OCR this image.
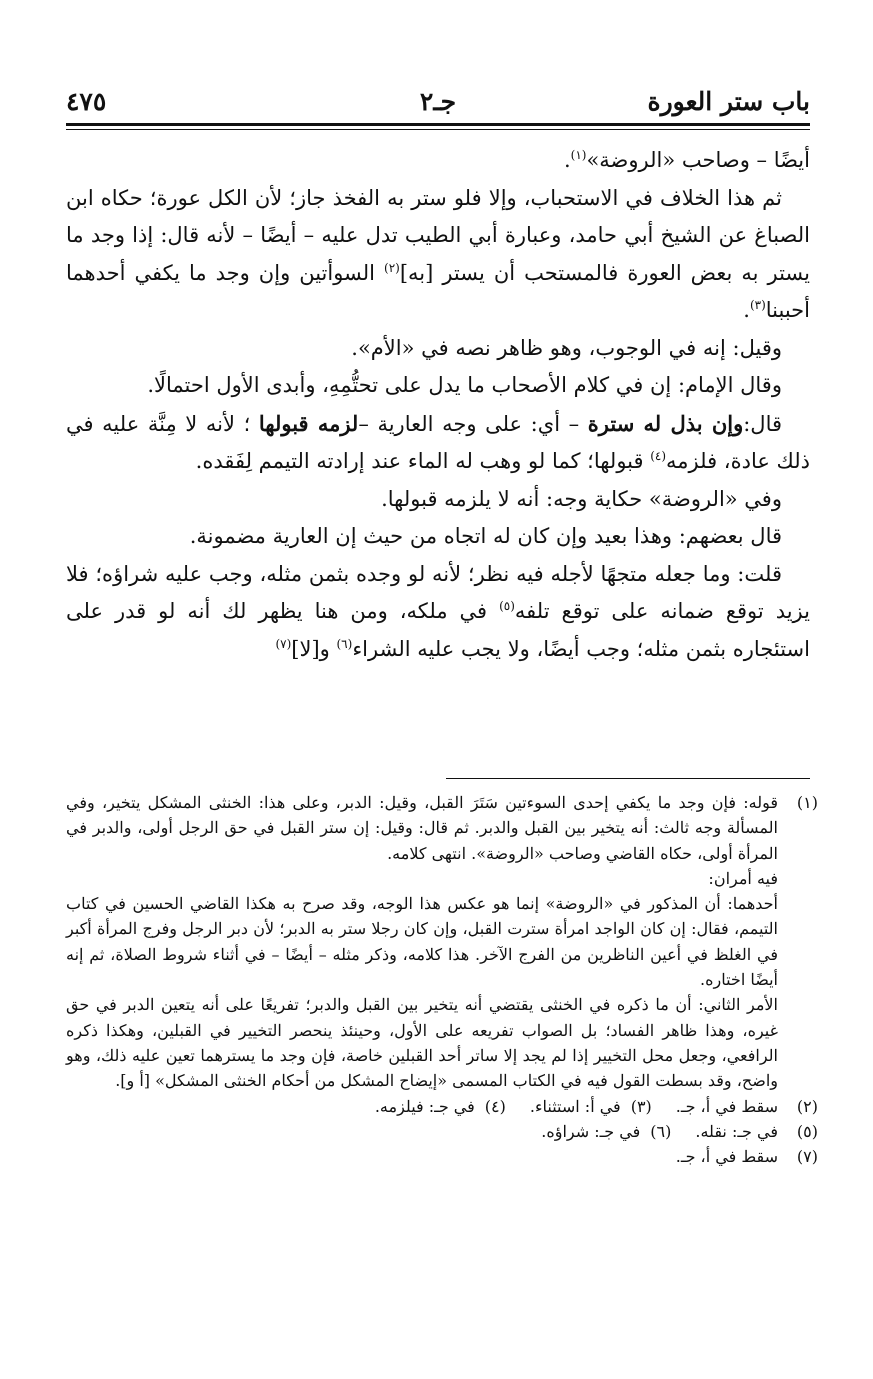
باب ستر العورة
جـ٢
٤٧٥

أيضًا – وصاحب «الروضة»$^{(١)}$.

ثم هذا الخلاف في الاستحباب، وإلا فلو ستر به الفخذ جاز؛ لأن الكل عورة؛ حكاه ابن الصباغ عن الشيخ أبي حامد، وعبارة أبي الطيب تدل عليه – أيضًا – لأنه قال: إذا وجد ما يستر به بعض العورة فالمستحب أن يستر [به]$^{(٢)}$ السوأتين وإن وجد ما يكفي أحدهما أحببنا$^{(٣)}$.

وقيل: إنه في الوجوب، وهو ظاهر نصه في «الأم».

وقال الإمام: إن في كلام الأصحاب ما يدل على تحتُّمِهِ، وأبدى الأول احتمالًا.

قال:وإن بذل له سترة – أي: على وجه العارية –لزمه قبولها ؛ لأنه لا مِنَّة عليه في ذلك عادة، فلزمه$^{(٤)}$ قبولها؛ كما لو وهب له الماء عند إرادته التيمم لِفَقده.

وفي «الروضة» حكاية وجه: أنه لا يلزمه قبولها.

قال بعضهم: وهذا بعيد وإن كان له اتجاه من حيث إن العارية مضمونة.

قلت: وما جعله متجهًا لأجله فيه نظر؛ لأنه لو وجده بثمن مثله، وجب عليه شراؤه؛ فلا يزيد توقع ضمانه على توقع تلفه$^{(٥)}$ في ملكه، ومن هنا يظهر لك أنه لو قدر على استئجاره بثمن مثله؛ وجب أيضًا، ولا يجب عليه الشراء$^{(٦)}$ و[لا]$^{(٧)}$

(١)

قوله: فإن وجد ما يكفي إحدى السوءتين سَتَرَ القبل، وقيل: الدبر، وعلى هذا: الخنثى المشكل يتخير، وفي المسألة وجه ثالث: أنه يتخير بين القبل والدبر. ثم قال: وقيل: إن ستر القبل في حق الرجل أولى، والدبر في المرأة أولى، حكاه القاضي وصاحب «الروضة». انتهى كلامه.

فيه أمران:

أحدهما: أن المذكور في «الروضة» إنما هو عكس هذا الوجه، وقد صرح به هكذا القاضي الحسين في كتاب التيمم، فقال: إن كان الواجد امرأة سترت القبل، وإن كان رجلا ستر به الدبر؛ لأن دبر الرجل وفرج المرأة أكبر في الغلظ في أعين الناظرين من الفرج الآخر. هذا كلامه، وذكر مثله – أيضًا – في أثناء شروط الصلاة، ثم إنه أيضًا اختاره.

الأمر الثاني: أن ما ذكره في الخنثى يقتضي أنه يتخير بين القبل والدبر؛ تفريعًا على أنه يتعين الدبر في حق غيره، وهذا ظاهر الفساد؛ بل الصواب تفريعه على الأول، وحينئذ ينحصر التخيير في القبلين، وهكذا ذكره الرافعي، وجعل محل التخيير إذا لم يجد إلا ساتر أحد القبلين خاصة، فإن وجد ما يسترهما تعين عليه ذلك، وهو واضح، وقد بسطت القول فيه في الكتاب المسمى «إيضاح المشكل من أحكام الخنثى المشكل» [أ و].

(٢)
سقط في أ، جـ.
(٣)في أ: استثناء.
(٤)في جـ: فيلزمه.
(٥)
في جـ: نقله.
(٦)في جـ: شراؤه.
(٧)
سقط في أ، جـ.
